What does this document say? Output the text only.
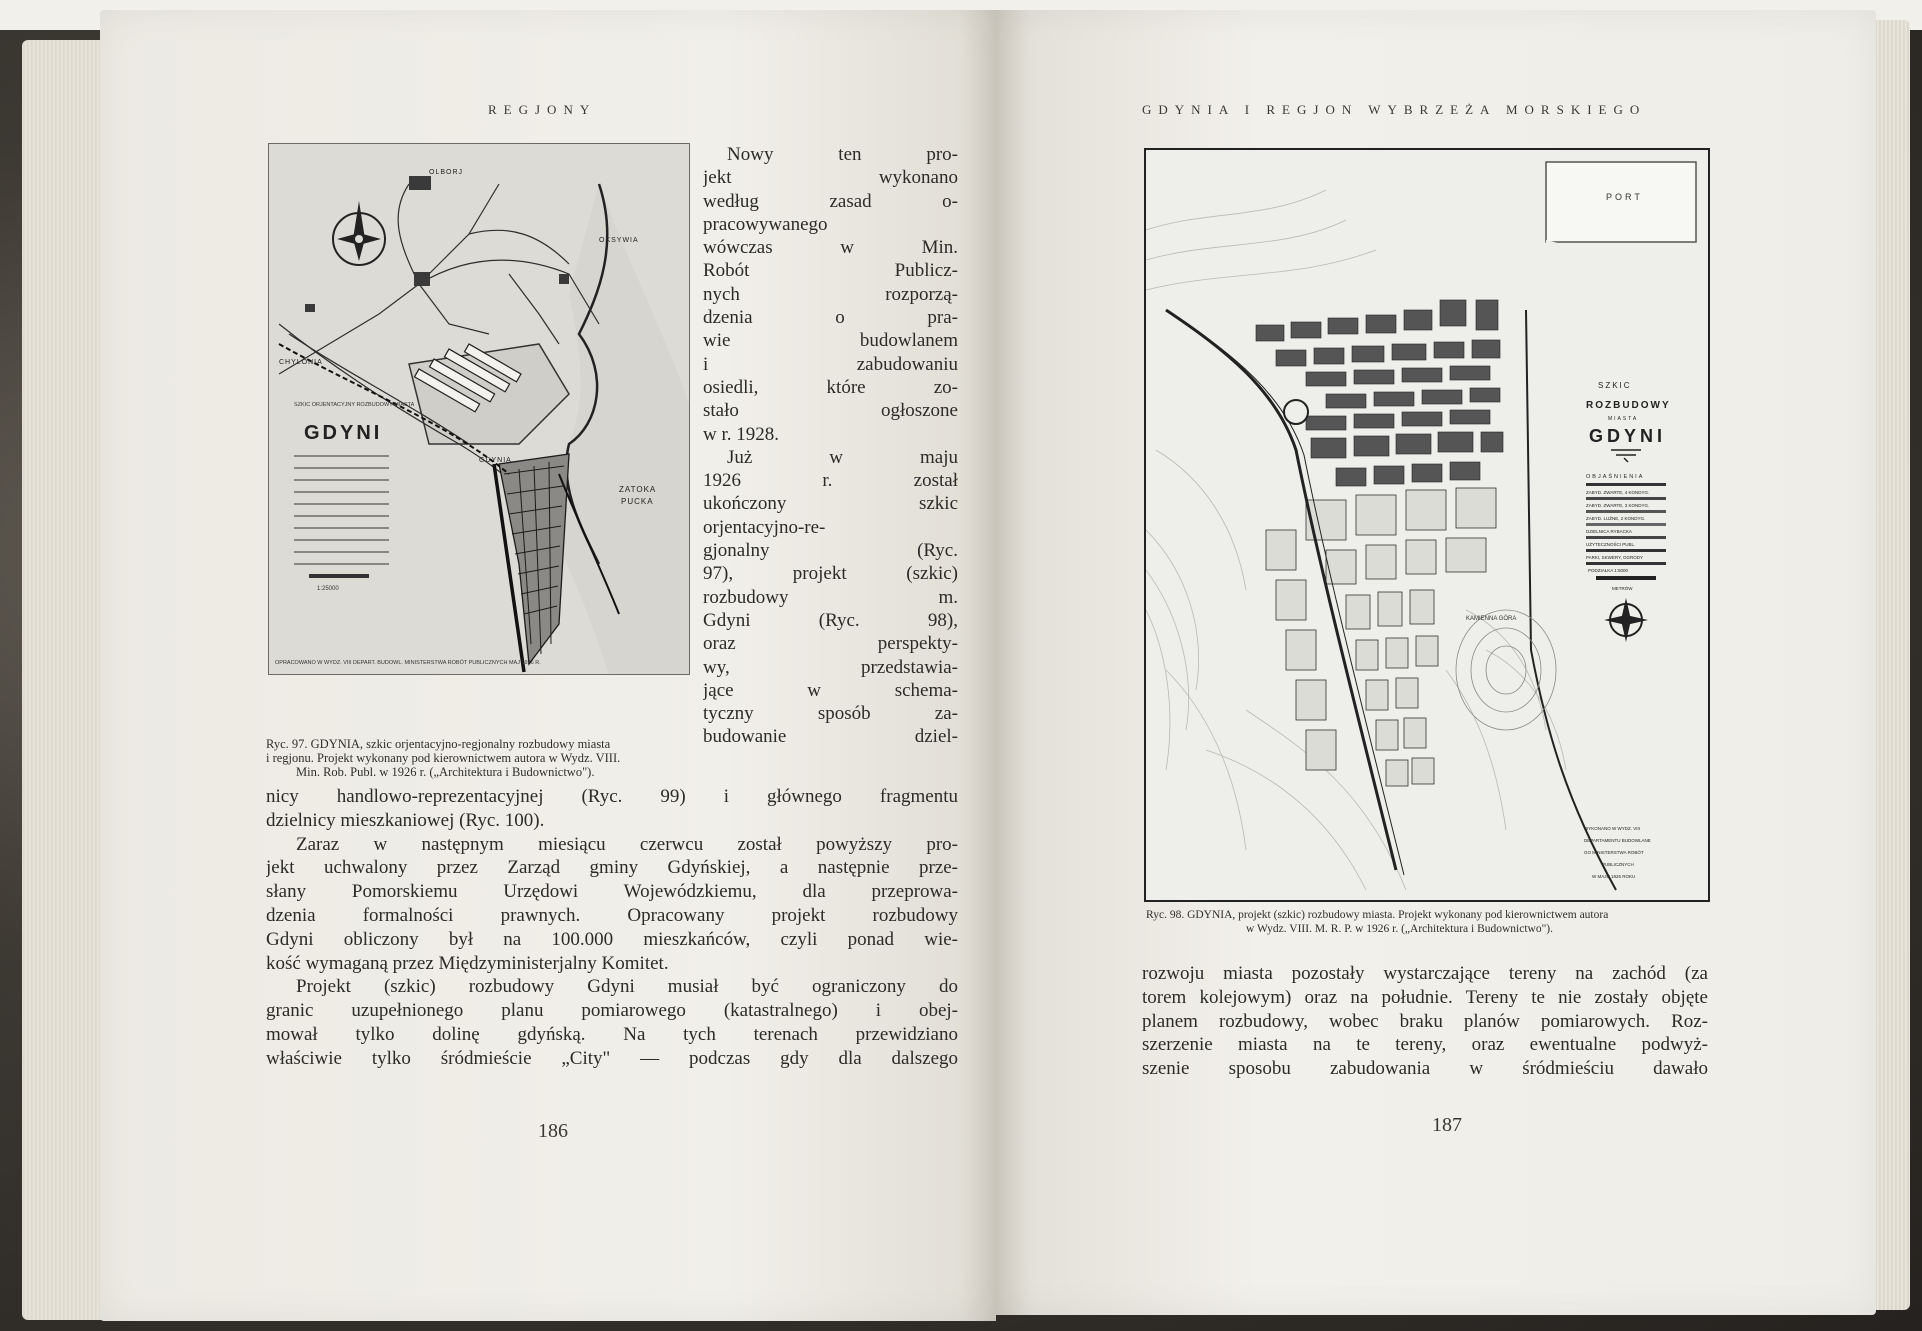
REGJONY
OLBORJ
OKSYWIA
CHYLONIA
GDYNIA
ZATOKA
PUCKA
SZKIC ORJENTACYJNY ROZBUDOWY MIASTA
GDYNI
1:25000
OPRACOWANO W WYDZ. VIII DEPART. BUDOWL. MINISTERSTWA ROBÓT PUBLICZNYCH MAJ 1926 R.
Ryc. 97. GDYNIA, szkic orjentacyjno-regjonalny rozbudowy miasta
i regjonu. Projekt wykonany pod kierownictwem autora w Wydz. VIII.
Min. Rob. Publ. w 1926 r. („Architektura i Budownictwo").
Nowy ten pro-
jekt wykonano
według zasad o-
pracowywanego
wówczas w Min.
Robót Publicz-
nych rozporzą-
dzenia o pra-
wie budowlanem
i zabudowaniu
osiedli, które zo-
stało ogłoszone
w r. 1928.
Już w maju
1926 r. został
ukończony szkic
orjentacyjno-re-
gjonalny (Ryc.
97), projekt (szkic)
rozbudowy m.
Gdyni (Ryc. 98),
oraz perspekty-
wy, przedstawia-
jące w schema-
tyczny sposób za-
budowanie dziel-
nicy handlowo-reprezentacyjnej (Ryc. 99) i głównego fragmentu
dzielnicy mieszkaniowej (Ryc. 100).
Zaraz w następnym miesiącu czerwcu został powyższy pro-
jekt uchwalony przez Zarząd gminy Gdyńskiej, a następnie prze-
słany Pomorskiemu Urzędowi Wojewódzkiemu, dla przeprowa-
dzenia formalności prawnych. Opracowany projekt rozbudowy
Gdyni obliczony był na 100.000 mieszkańców, czyli ponad wie-
kość wymaganą przez Międzyministerjalny Komitet.
Projekt (szkic) rozbudowy Gdyni musiał być ograniczony do
granic uzupełnionego planu pomiarowego (katastralnego) i obej-
mował tylko dolinę gdyńską. Na tych terenach przewidziano
właściwie tylko śródmieście „City" — podczas gdy dla dalszego
186
GDYNIA I REGJON WYBRZEŻA MORSKIEGO
PORT
KAMIENNA GÓRA
SZKIC
ROZBUDOWY
MIASTA
GDYNI
OBJAŚNIENIA
ZABYD. ZWARTE, 4 KONDYG.
ZABYD. ZWARTE, 3 KONDYG.
ZABYD. LUŹNE, 2 KONDYG.
DZIELNICA RYBACKA
UŻYTECZNOŚCI PUBL.
PARKI, SKWERY, OGRODY
PODZIAŁKA 1:5000
METRÓW
WYKONANO W WYDZ. VIII
DEPARTAMENTU BUDOWLANE
GO MINISTERSTWA ROBÓT
PUBLICZNYCH
W MAJU 1926 ROKU
Ryc. 98. GDYNIA, projekt (szkic) rozbudowy miasta. Projekt wykonany pod kierownictwem autora
w Wydz. VIII. M. R. P. w 1926 r. („Architektura i Budownictwo").
rozwoju miasta pozostały wystarczające tereny na zachód (za
torem kolejowym) oraz na południe. Tereny te nie zostały objęte
planem rozbudowy, wobec braku planów pomiarowych. Roz-
szerzenie miasta na te tereny, oraz ewentualne podwyż-
szenie sposobu zabudowania w śródmieściu dawało
187
